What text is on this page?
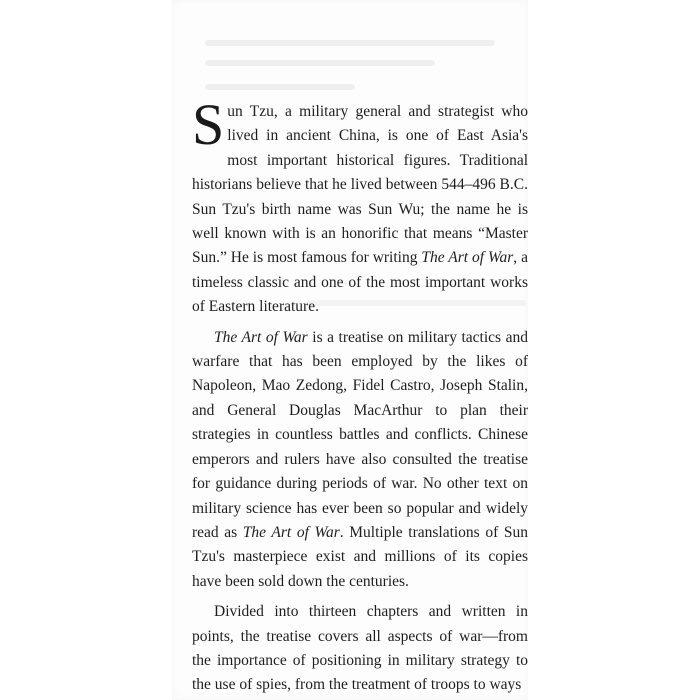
Sun Tzu, a military general and strategist who lived in ancient China, is one of East Asia's most important historical figures. Traditional historians believe that he lived between 544–496 B.C. Sun Tzu's birth name was Sun Wu; the name he is well known with is an honorific that means “Master Sun.” He is most famous for writing The Art of War, a timeless classic and one of the most important works of Eastern literature.

The Art of War is a treatise on military tactics and warfare that has been employed by the likes of Napoleon, Mao Zedong, Fidel Castro, Joseph Stalin, and General Douglas MacArthur to plan their strategies in countless battles and conflicts. Chinese emperors and rulers have also consulted the treatise for guidance during periods of war. No other text on military science has ever been so popular and widely read as The Art of War. Multiple translations of Sun Tzu's masterpiece exist and millions of its copies have been sold down the centuries.

Divided into thirteen chapters and written in points, the treatise covers all aspects of war—from the importance of positioning in military strategy to the use of spies, from the treatment of troops to ways
